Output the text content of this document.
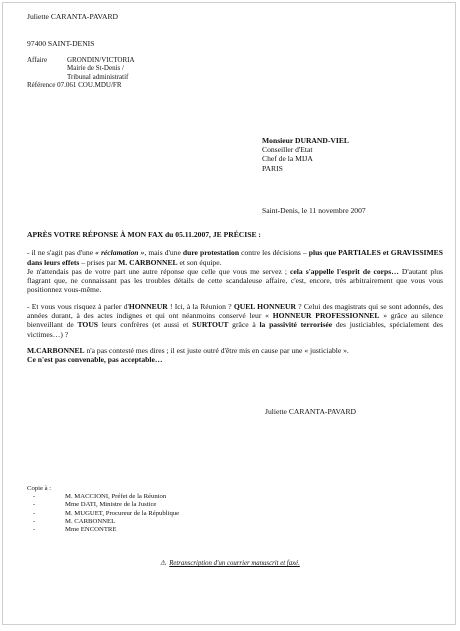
Juliette CARANTA-PAVARD
97400 SAINT-DENIS
Affaire	GRONDIN/VICTORIA
Mairie de St-Denis /
Tribunal administratif
Référence 07.061 COU.MDU/FR
Monsieur DURAND-VIEL
Conseiller d'Etat
Chef de la MIJA
PARIS
Saint-Denis, le 11 novembre 2007

APRÈS VOTRE RÉPONSE À MON FAX du 05.11.2007, JE PRÉCISE :

- il ne s'agit pas d'une « réclamation », mais d'une dure protestation contre les décisions – plus que PARTIALES et GRAVISSIMES dans leurs effets – prises par M. CARBONNEL et son équipe.

Je n'attendais pas de votre part une autre réponse que celle que vous me servez ; cela s'appelle l'esprit de corps… D'autant plus flagrant que, ne connaissant pas les troubles détails de cette scandaleuse affaire, c'est, encore, très arbitrairement que vous vous positionnez vous-même.

- Et vous vous risquez à parler d'HONNEUR ! Ici, à la Réunion ? QUEL HONNEUR ? Celui des magistrats qui se sont adonnés, des années durant, à des actes indignes et qui ont néanmoins conservé leur « HONNEUR PROFESSIONNEL » grâce au silence bienveillant de TOUS leurs confrères (et aussi et SURTOUT grâce à la passivité terrorisée des justiciables, spécialement des victimes…) ?

M.CARBONNEL n'a pas contesté mes dires ; il est juste outré d'être mis en cause par une « justiciable ».
Ce n'est pas convenable, pas acceptable…

Juliette CARANTA-PAVARD
Copie à :
-	M. MACCIONI, Préfet de la Réunion
-	Mme DATI, Ministre de la Justice
-	M. MUGUET, Procureur de la République
-	M. CARBONNEL
-	Mme ENCONTRE
⚠ Retranscription d'un courrier manuscrit et faxé.
